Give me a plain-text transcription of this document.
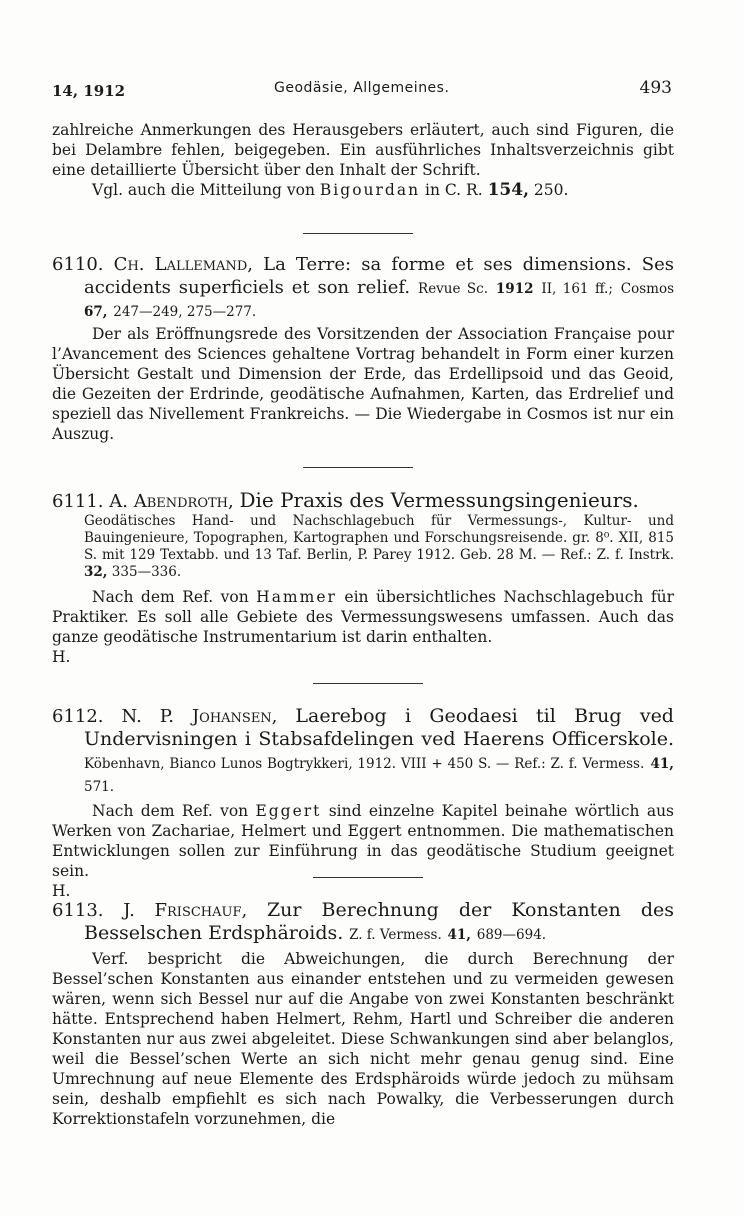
14, 1912	Geodäsie, Allgemeines.	493

zahlreiche Anmerkungen des Herausgebers erläutert, auch sind Figuren, die bei Delambre fehlen, beigegeben. Ein ausführliches Inhaltsverzeichnis gibt eine detaillierte Übersicht über den Inhalt der Schrift.

Vgl. auch die Mitteilung von Bigourdan in C. R. 154, 250.

6110. Ch. Lallemand, La Terre: sa forme et ses dimensions. Ses accidents superficiels et son relief. Revue Sc. 1912 II, 161 ff.; Cosmos 67, 247—249, 275—277.

Der als Eröffnungsrede des Vorsitzenden der Association Française pour l’Avancement des Sciences gehaltene Vortrag behandelt in Form einer kurzen Übersicht Gestalt und Dimension der Erde, das Erdellipsoid und das Geoid, die Gezeiten der Erdrinde, geodätische Aufnahmen, Karten, das Erdrelief und speziell das Nivellement Frankreichs. — Die Wiedergabe in Cosmos ist nur ein Auszug.

6111. A. Abendroth, Die Praxis des Vermessungsingenieurs.

Geodätisches Hand- und Nachschlagebuch für Vermessungs-, Kultur- und Bauingenieure, Topographen, Kartographen und Forschungsreisende. gr. 8⁰. XII, 815 S. mit 129 Textabb. und 13 Taf. Berlin, P. Parey 1912. Geb. 28 M. — Ref.: Z. f. Instrk. 32, 335—336.

Nach dem Ref. von Hammer ein übersichtliches Nachschlagebuch für Praktiker. Es soll alle Gebiete des Vermessungswesens umfassen. Auch das ganze geodätische Instrumentarium ist darin enthalten.

H.

6112. N. P. Johansen, Laerebog i Geodaesi til Brug ved Undervisningen i Stabsafdelingen ved Haerens Officerskole. Köbenhavn, Bianco Lunos Bogtrykkeri, 1912. VIII + 450 S. — Ref.: Z. f. Vermess. 41, 571.

Nach dem Ref. von Eggert sind einzelne Kapitel beinahe wörtlich aus Werken von Zachariae, Helmert und Eggert entnommen. Die mathematischen Entwicklungen sollen zur Einführung in das geodätische Studium geeignet sein.

H.

6113. J. Frischauf, Zur Berechnung der Konstanten des Besselschen Erdsphäroids. Z. f. Vermess. 41, 689—694.

Verf. bespricht die Abweichungen, die durch Berechnung der Bessel’schen Konstanten aus einander entstehen und zu vermeiden gewesen wären, wenn sich Bessel nur auf die Angabe von zwei Konstanten beschränkt hätte. Entsprechend haben Helmert, Rehm, Hartl und Schreiber die anderen Konstanten nur aus zwei abgeleitet. Diese Schwankungen sind aber belanglos, weil die Bessel’schen Werte an sich nicht mehr genau genug sind. Eine Umrechnung auf neue Elemente des Erdsphäroids würde jedoch zu mühsam sein, deshalb empfiehlt es sich nach Powalky, die Verbesserungen durch Korrektionstafeln vorzunehmen, die
